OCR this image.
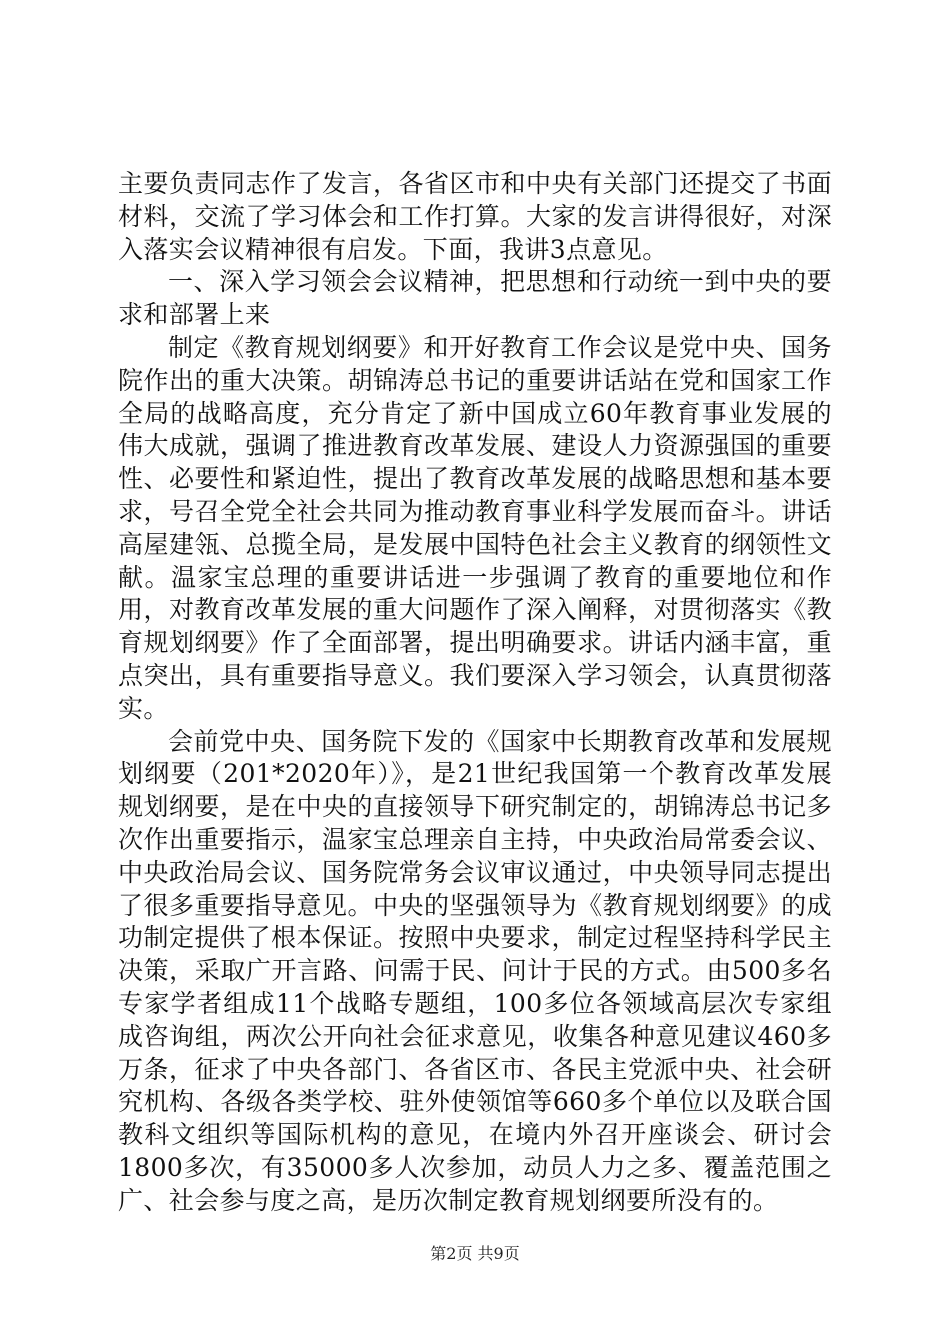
主要负责同志作了发言，各省区市和中央有关部门还提交了书面材料，交流了学习体会和工作打算。大家的发言讲得很好，对深入落实会议精神很有启发。下面，我讲3点意见。

一、深入学习领会会议精神，把思想和行动统一到中央的要求和部署上来

制定《教育规划纲要》和开好教育工作会议是党中央、国务院作出的重大决策。胡锦涛总书记的重要讲话站在党和国家工作全局的战略高度，充分肯定了新中国成立60年教育事业发展的伟大成就，强调了推进教育改革发展、建设人力资源强国的重要性、必要性和紧迫性，提出了教育改革发展的战略思想和基本要求，号召全党全社会共同为推动教育事业科学发展而奋斗。讲话高屋建瓴、总揽全局，是发展中国特色社会主义教育的纲领性文献。温家宝总理的重要讲话进一步强调了教育的重要地位和作用，对教育改革发展的重大问题作了深入阐释，对贯彻落实《教育规划纲要》作了全面部署，提出明确要求。讲话内涵丰富，重点突出，具有重要指导意义。我们要深入学习领会，认真贯彻落实。

会前党中央、国务院下发的《国家中长期教育改革和发展规划纲要（201*2020年）》，是21世纪我国第一个教育改革发展规划纲要，是在中央的直接领导下研究制定的，胡锦涛总书记多次作出重要指示，温家宝总理亲自主持，中央政治局常委会议、中央政治局会议、国务院常务会议审议通过，中央领导同志提出了很多重要指导意见。中央的坚强领导为《教育规划纲要》的成功制定提供了根本保证。按照中央要求，制定过程坚持科学民主决策，采取广开言路、问需于民、问计于民的方式。由500多名专家学者组成11个战略专题组，100多位各领域高层次专家组成咨询组，两次公开向社会征求意见，收集各种意见建议460多万条，征求了中央各部门、各省区市、各民主党派中央、社会研究机构、各级各类学校、驻外使领馆等660多个单位以及联合国教科文组织等国际机构的意见，在境内外召开座谈会、研讨会1800多次，有35000多人次参加，动员人力之多、覆盖范围之广、社会参与度之高，是历次制定教育规划纲要所没有的。

第2页 共9页
